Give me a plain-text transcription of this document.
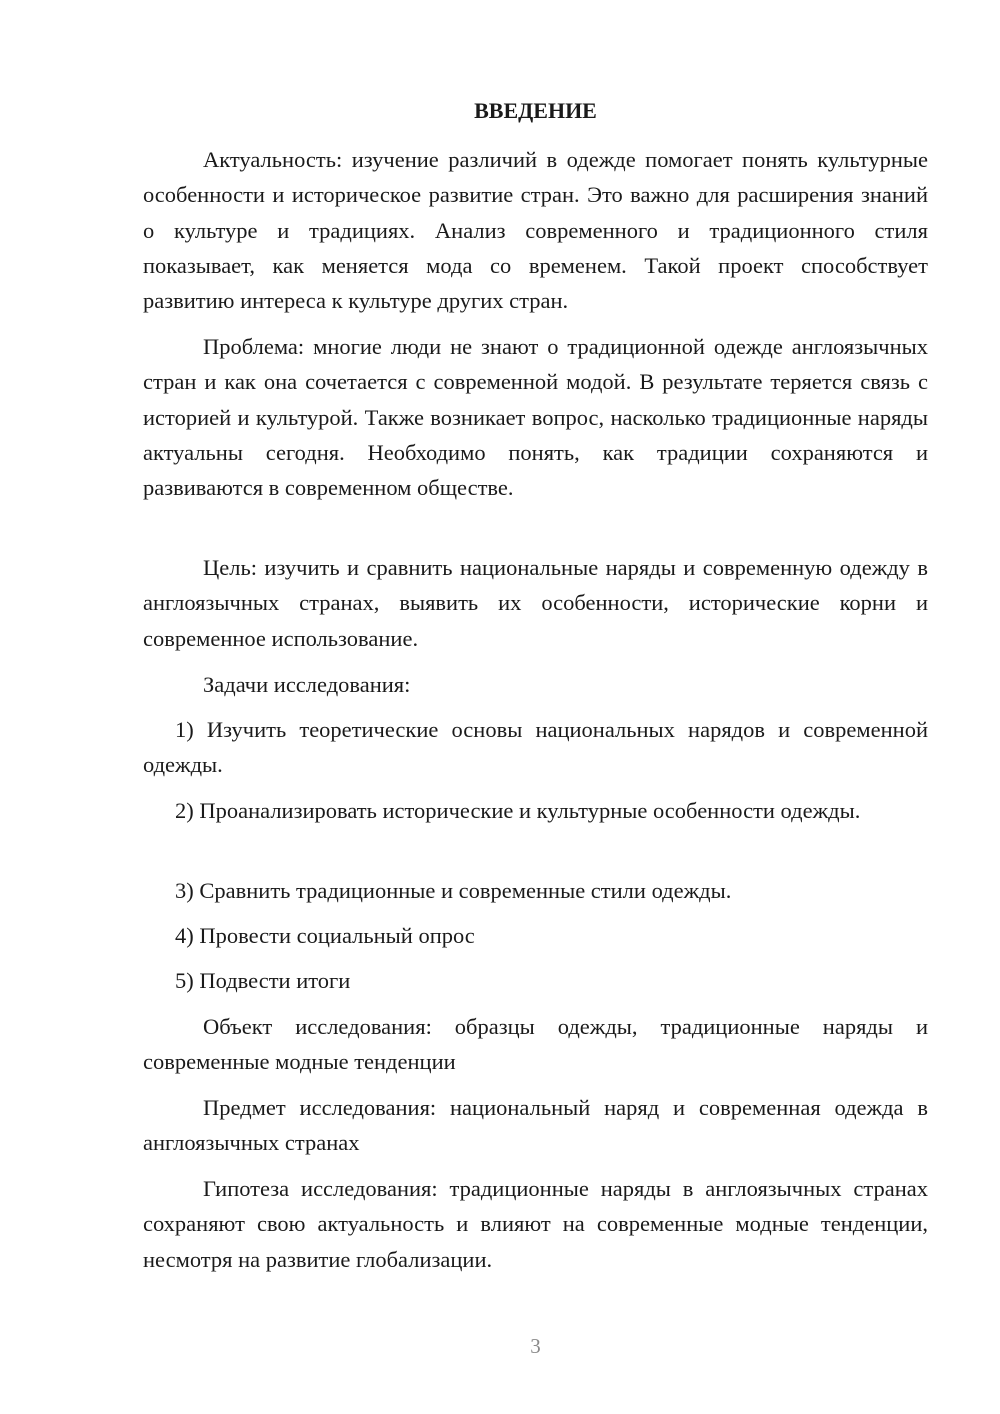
ВВЕДЕНИЕ

Актуальность: изучение различий в одежде помогает понять культурные особенности и историческое развитие стран. Это важно для расширения знаний о культуре и традициях. Анализ современного и традиционного стиля показывает, как меняется мода со временем. Такой проект способствует развитию интереса к культуре других стран.

Проблема: многие люди не знают о традиционной одежде англоязычных стран и как она сочетается с современной модой. В результате теряется связь с историей и культурой. Также возникает вопрос, насколько традиционные наряды актуальны сегодня. Необходимо понять, как традиции сохраняются и развиваются в современном обществе.

Цель: изучить и сравнить национальные наряды и современную одежду в англоязычных странах, выявить их особенности, исторические корни и современное использование.

Задачи исследования:

1) Изучить теоретические основы национальных нарядов и современной одежды.

2) Проанализировать исторические и культурные особенности одежды.

3) Сравнить традиционные и современные стили одежды.

4) Провести социальный опрос

5) Подвести итоги

Объект исследования: образцы одежды, традиционные наряды и современные модные тенденции

Предмет исследования: национальный наряд и современная одежда в англоязычных странах

Гипотеза исследования: традиционные наряды в англоязычных странах сохраняют свою актуальность и влияют на современные модные тенденции, несмотря на развитие глобализации.

3
